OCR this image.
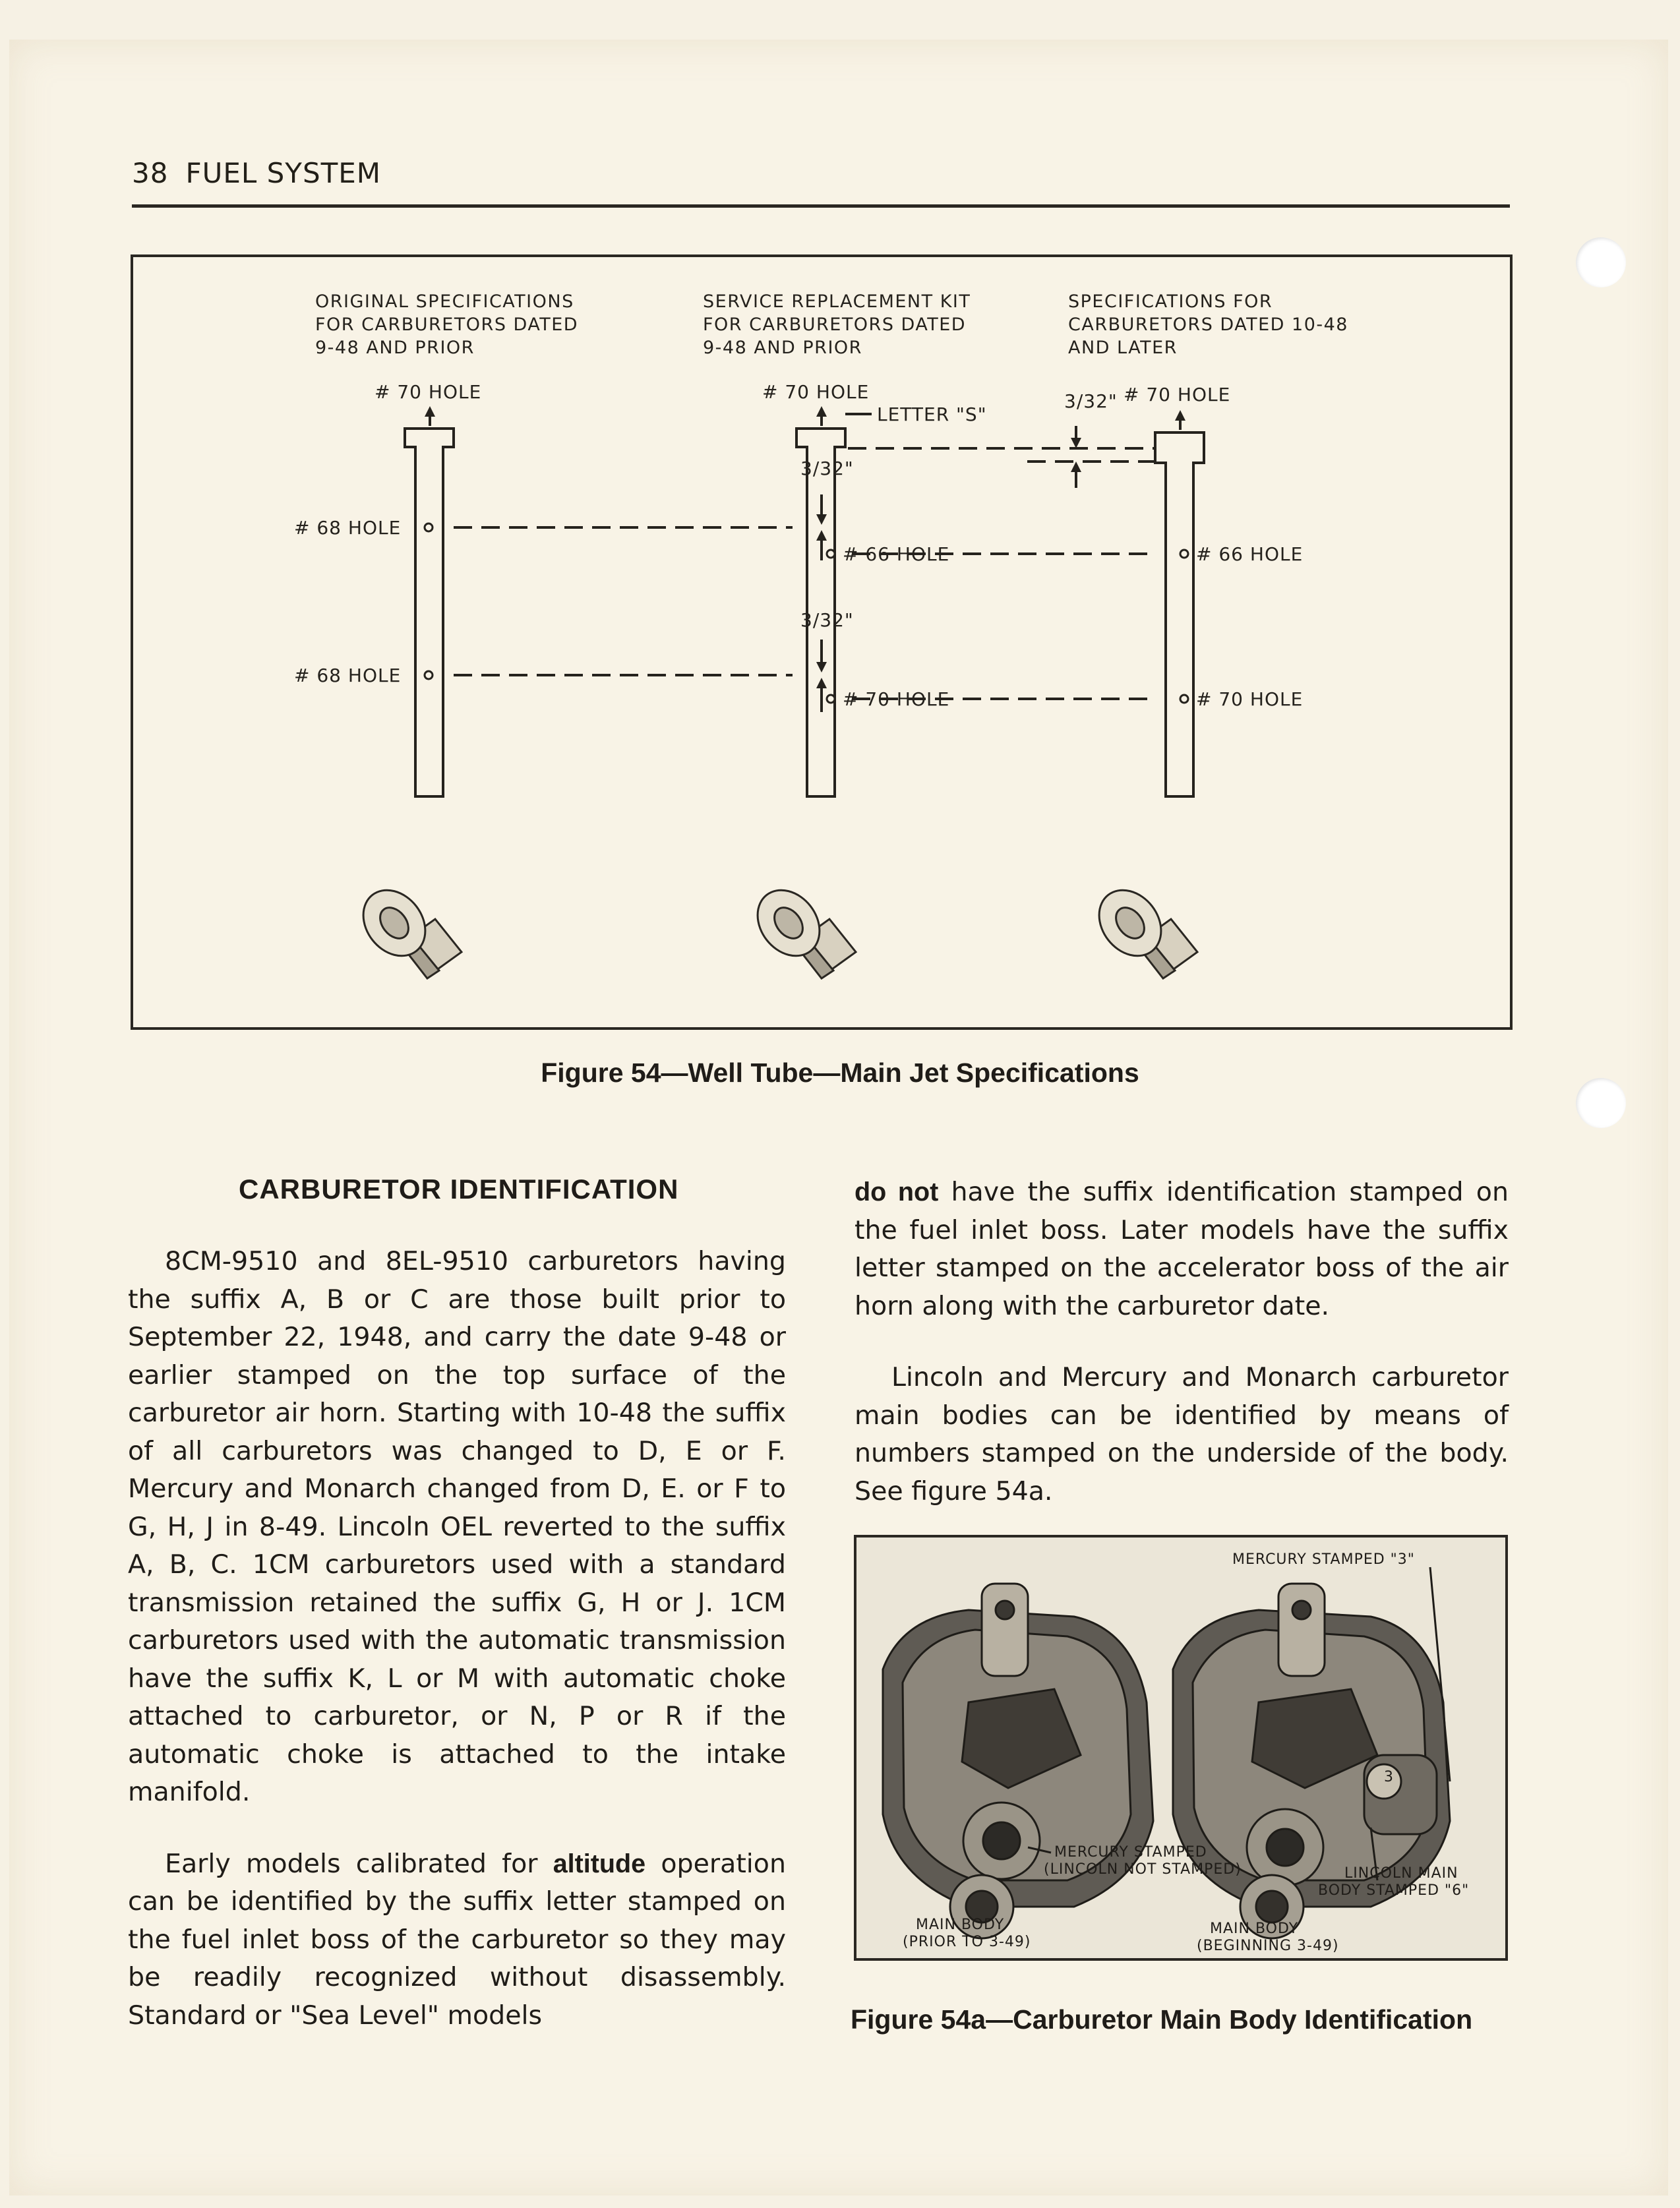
38 FUEL SYSTEM
ORIGINAL SPECIFICATIONS
FOR CARBURETORS DATED
9-48 AND PRIOR
SERVICE REPLACEMENT KIT
FOR CARBURETORS DATED
9-48 AND PRIOR
SPECIFICATIONS FOR
CARBURETORS DATED 10-48
AND LATER
# 70 HOLE	# 70 HOLE	# 70 HOLE
LETTER "S"
3/32"
3/32"
3/32"
# 68 HOLE
# 68 HOLE
# 66 HOLE	# 66 HOLE
# 70 HOLE	# 70 HOLE
Figure 54—Well Tube—Main Jet Specifications
CARBURETOR IDENTIFICATION

8CM-9510 and 8EL-9510 carburetors having the suffix A, B or C are those built prior to September 22, 1948, and carry the date 9-48 or earlier stamped on the top surface of the carburetor air horn. Starting with 10-48 the suffix of all carburetors was changed to D, E or F. Mercury and Monarch changed from D, E. or F to G, H, J in 8-49. Lincoln OEL reverted to the suffix A, B, C. 1CM carburetors used with a standard transmission retained the suffix G, H or J. 1CM carburetors used with the automatic transmission have the suffix K, L or M with automatic choke attached to carburetor, or N, P or R if the automatic choke is attached to the intake manifold.

Early models calibrated for altitude operation can be identified by the suffix letter stamped on the fuel inlet boss of the carburetor so they may be readily recognized without disassembly. Standard or "Sea Level" models

do not have the suffix identification stamped on the fuel inlet boss. Later models have the suffix letter stamped on the accelerator boss of the air horn along with the carburetor date.

Lincoln and Mercury and Monarch carburetor main bodies can be identified by means of numbers stamped on the underside of the body. See figure 54a.

MERCURY STAMPED "3"
3
MERCURY STAMPED
(LINCOLN NOT STAMPED)	LINCOLN MAIN
BODY STAMPED "6"
MAIN BODY
(PRIOR TO 3-49)
MAIN BODY
(BEGINNING 3-49)
Figure 54a—Carburetor Main Body Identification
